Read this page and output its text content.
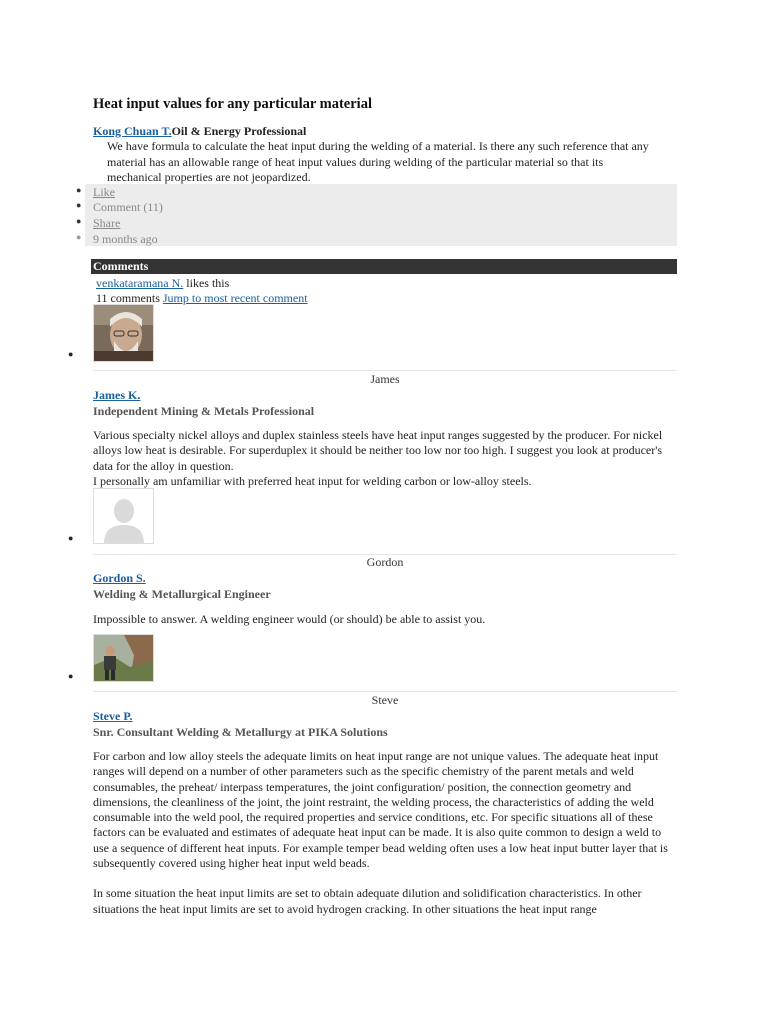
Heat input values for any particular material
Kong Chuan T.Oil & Energy Professional
We have formula to calculate the heat input during the welding of a material. Is there any such reference that any material has an allowable range of heat input values during welding of the particular material so that its mechanical properties are not jeopardized.
● Like
● Comment (11)
● Share
● 9 months ago
Comments
venkataramana N. likes this
11 comments Jump to most recent comment
●
James
James K.
Independent Mining & Metals Professional

Various specialty nickel alloys and duplex stainless steels have heat input ranges suggested by the producer. For nickel alloys low heat is desirable. For superduplex it should be neither too low nor too high. I suggest you look at producer's data for the alloy in question.

I personally am unfamiliar with preferred heat input for welding carbon or low-alloy steels.

●
Gordon
Gordon S.
Welding & Metallurgical Engineer

Impossible to answer. A welding engineer would (or should) be able to assist you.

●
Steve
Steve P.
Snr. Consultant Welding & Metallurgy at PIKA Solutions

For carbon and low alloy steels the adequate limits on heat input range are not unique values. The adequate heat input ranges will depend on a number of other parameters such as the specific chemistry of the parent metals and weld consumables, the preheat/ interpass temperatures, the joint configuration/ position, the connection geometry and dimensions, the cleanliness of the joint, the joint restraint, the welding process, the characteristics of adding the weld consumable into the weld pool, the required properties and service conditions, etc. For specific situations all of these factors can be evaluated and estimates of adequate heat input can be made. It is also quite common to design a weld to use a sequence of different heat inputs. For example temper bead welding often uses a low heat input butter layer that is subsequently covered using higher heat input weld beads.

In some situation the heat input limits are set to obtain adequate dilution and solidification characteristics. In other situations the heat input limits are set to avoid hydrogen cracking. In other situations the heat input range
